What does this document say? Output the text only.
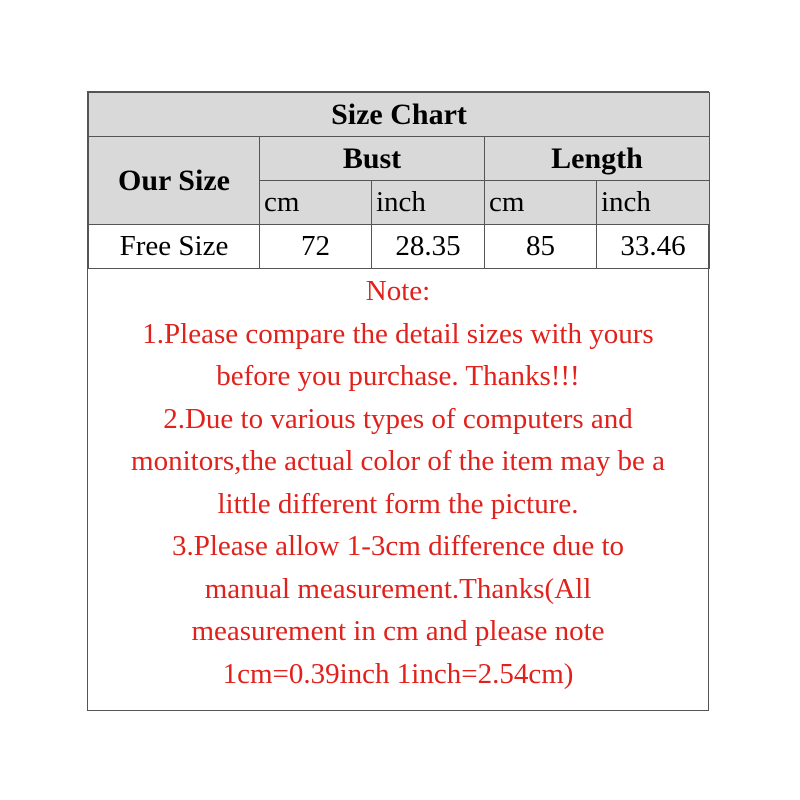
Size Chart				
Our Size	Bust		Length	
	cm	inch	cm	inch
Free Size	72	28.35	85	33.46
Note:
1.Please compare the detail sizes with yours
before you purchase. Thanks!!!
2.Due to various types of computers and
monitors,the actual color of the item may be a
little different form the picture.
3.Please allow 1-3cm difference due to
manual measurement.Thanks(All
measurement in cm and please note
1cm=0.39inch 1inch=2.54cm)
